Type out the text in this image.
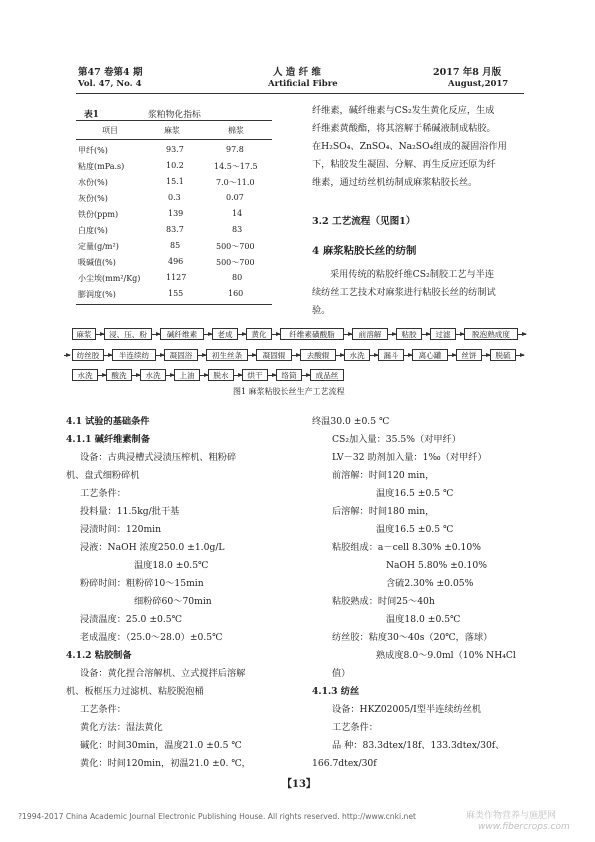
第47 卷第4 期	人 造 纤 维	2017 年8 月版
Vol. 47, No. 4	Artificial Fibre	August,2017
表1	浆粕物化指标
项目	麻浆	棉浆
甲纤(%)	93.7	97.8
粘度(mPa.s)	10.2	14.5～17.5
水份(%)	15.1	7.0～11.0
灰份(%)	0.3	0.07
铁份(ppm)	139	14
白度(%)	83.7	83
定量(g/m²)	85	500～700
吸碱值(%)	496	500～700
小尘埃(mm²/Kg)	1127	80
膨润度(%)	155	160
纤维素，碱纤维素与CS₂发生黄化反应，生成
纤维素黄酸酯，将其溶解于稀碱液制成粘胶。
在H₂SO₄、ZnSO₄、Na₂SO₄组成的凝固浴作用
下，粘胶发生凝固、分解、再生反应还原为纤
维素，通过纺丝机纺制成麻浆粘胶长丝。
3.2 工艺流程（见图1）
4 麻浆粘胶长丝的纺制
采用传统的粘胶纤维CS₂制胶工艺与半连
续纺丝工艺技术对麻浆进行粘胶长丝的纺制试
验。
麻浆	浸、压、粉	碱纤维素	老成	黄化	纤维素磺酸脂	前溶解	粘胶	过滤	脱泡熟成度
纺丝胶	半连续纺	凝固浴	初生丝条	凝固辊	去酸辊	水洗	漏斗	离心罐	丝饼	脱硫
水洗	酸洗	水洗	上油	脱水	烘干	络筒	成品丝
图1 麻浆粘胶长丝生产工艺流程
4.1 试验的基础条件
4.1.1 碱纤维素制备
设备：古典浸槽式浸渍压榨机、粗粉碎
机、盘式细粉碎机
工艺条件：
投料量：11.5kg/批干基
浸渍时间：120min
浸液：NaOH 浓度250.0 ±1.0g/L
温度18.0 ±0.5℃
粉碎时间：粗粉碎10～15min
细粉碎60～70min
浸渍温度：25.0 ±0.5℃
老成温度：（25.0～28.0）±0.5℃
4.1.2 粘胶制备
设备：黄化捏合溶解机、立式搅拌后溶解
机、板框压力过滤机、粘胶脱泡桶
工艺条件：
黄化方法：湿法黄化
碱化：时间30min，温度21.0 ±0.5 ℃
黄化：时间120min，初温21.0 ±0. ℃，
终温30.0 ±0.5 ℃
CS₂加入量：35.5%（对甲纤）
LV－32 助剂加入量：1‰（对甲纤）
前溶解：时间120 min，
温度16.5 ±0.5 ℃
后溶解：时间180 min，
温度16.5 ±0.5 ℃
粘胶组成：a－cell 8.30% ±0.10%
NaOH 5.80% ±0.10%
含硫2.30% ±0.05%
粘胶熟成：时间25～40h
温度18.0 ±0.5℃
纺丝胶：粘度30～40s（20℃，落球）
熟成度8.0～9.0ml（10% NH₄Cl
值）
4.1.3 纺丝
设备：HKZ02005/Ⅰ型半连续纺丝机
工艺条件：
品 种：83.3dtex/18f、133.3dtex/30f、
166.7dtex/30f
【13】
?1994-2017 China Academic Journal Electronic Publishing House. All rights reserved. http://www.cnki.net	麻类作物营养与施肥网
www.fibercrops.com
